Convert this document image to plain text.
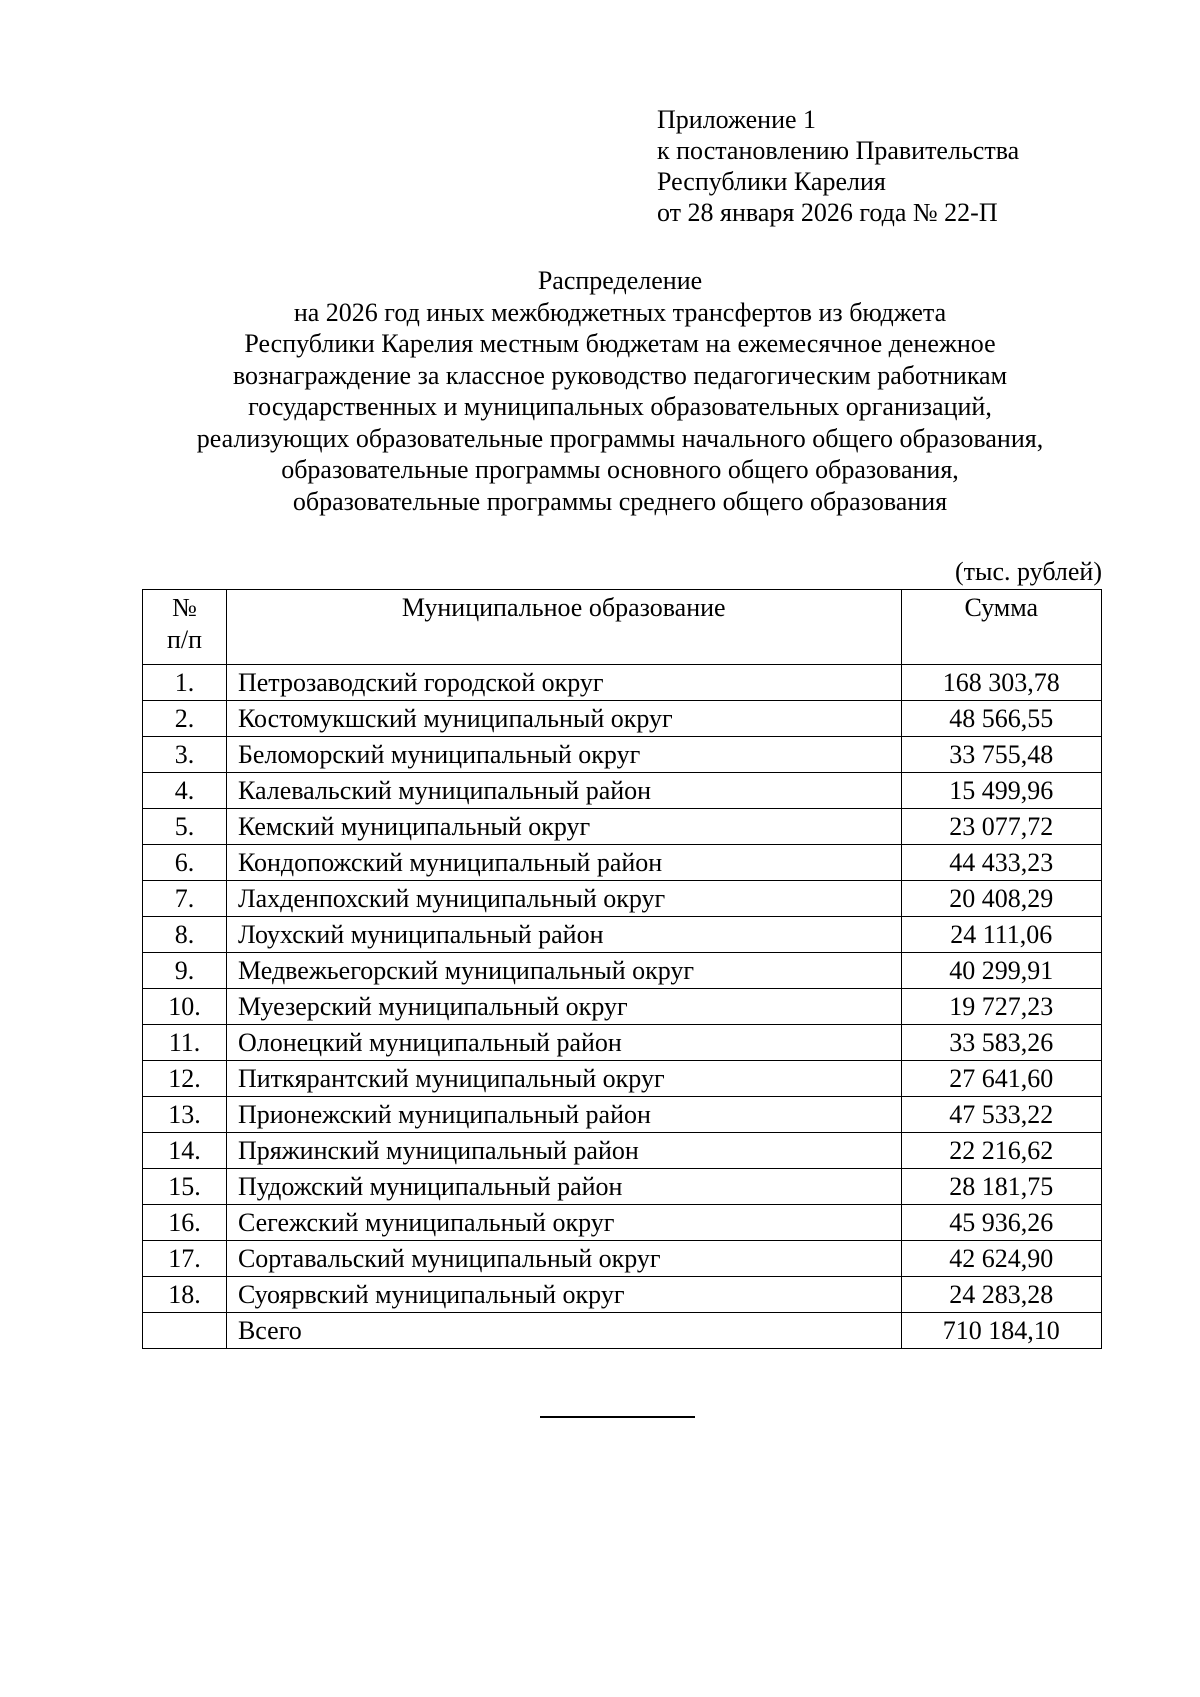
Приложение 1
к постановлению Правительства
Республики Карелия
от 28 января 2026 года № 22-П
Распределение
на 2026 год иных межбюджетных трансфертов из бюджета
Республики Карелия местным бюджетам на ежемесячное денежное
вознаграждение за классное руководство педагогическим работникам
государственных и муниципальных образовательных организаций,
реализующих образовательные программы начального общего образования,
образовательные программы основного общего образования,
образовательные программы среднего общего образования
(тыс. рублей)
№
п/п	Муниципальное образование	Сумма
1.	Петрозаводский городской округ	168 303,78
2.	Костомукшский муниципальный округ	48 566,55
3.	Беломорский муниципальный округ	33 755,48
4.	Калевальский муниципальный район	15 499,96
5.	Кемский муниципальный округ	23 077,72
6.	Кондопожский муниципальный район	44 433,23
7.	Лахденпохский муниципальный округ	20 408,29
8.	Лоухский муниципальный район	24 111,06
9.	Медвежьегорский муниципальный округ	40 299,91
10.	Муезерский муниципальный округ	19 727,23
11.	Олонецкий муниципальный район	33 583,26
12.	Питкярантский муниципальный округ	27 641,60
13.	Прионежский муниципальный район	47 533,22
14.	Пряжинский муниципальный район	22 216,62
15.	Пудожский муниципальный район	28 181,75
16.	Сегежский муниципальный округ	45 936,26
17.	Сортавальский муниципальный округ	42 624,90
18.	Суоярвский муниципальный округ	24 283,28
	Всего	710 184,10
